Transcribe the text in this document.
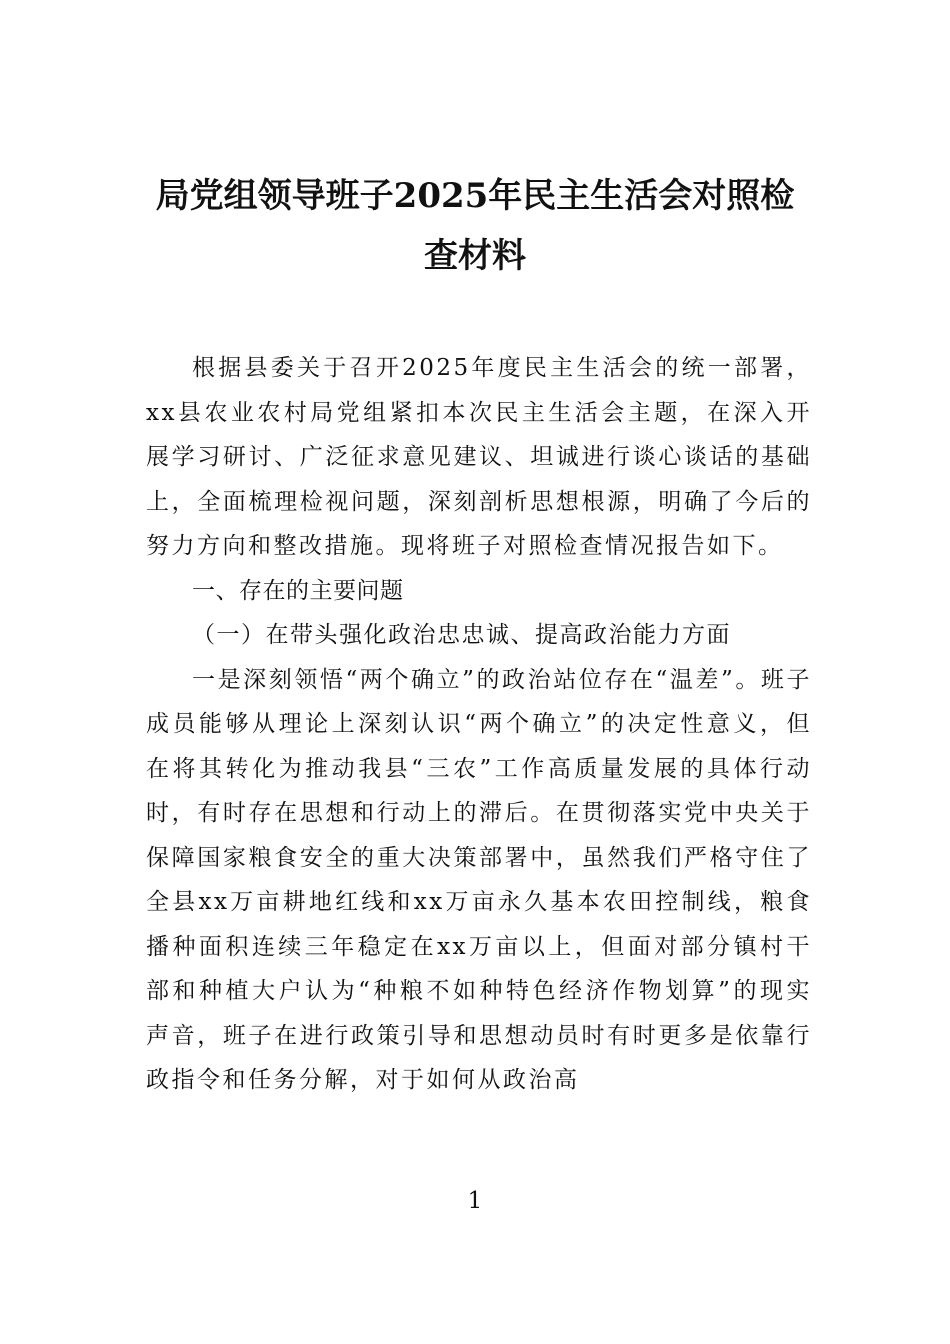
局党组领导班子2025年民主生活会对照检查材料

根据县委关于召开2025年度民主生活会的统一部署，xx县农业农村局党组紧扣本次民主生活会主题，在深入开展学习研讨、广泛征求意见建议、坦诚进行谈心谈话的基础上，全面梳理检视问题，深刻剖析思想根源，明确了今后的努力方向和整改措施。现将班子对照检查情况报告如下。

一、存在的主要问题

（一）在带头强化政治忠忠诚、提高政治能力方面

一是深刻领悟“两个确立”的政治站位存在“温差”。班子成员能够从理论上深刻认识“两个确立”的决定性意义，但在将其转化为推动我县“三农”工作高质量发展的具体行动时，有时存在思想和行动上的滞后。在贯彻落实党中央关于保障国家粮食安全的重大决策部署中，虽然我们严格守住了全县xx万亩耕地红线和xx万亩永久基本农田控制线，粮食播种面积连续三年稳定在xx万亩以上，但面对部分镇村干部和种植大户认为“种粮不如种特色经济作物划算”的现实声音，班子在进行政策引导和思想动员时有时更多是依靠行政指令和任务分解，对于如何从政治高

1
